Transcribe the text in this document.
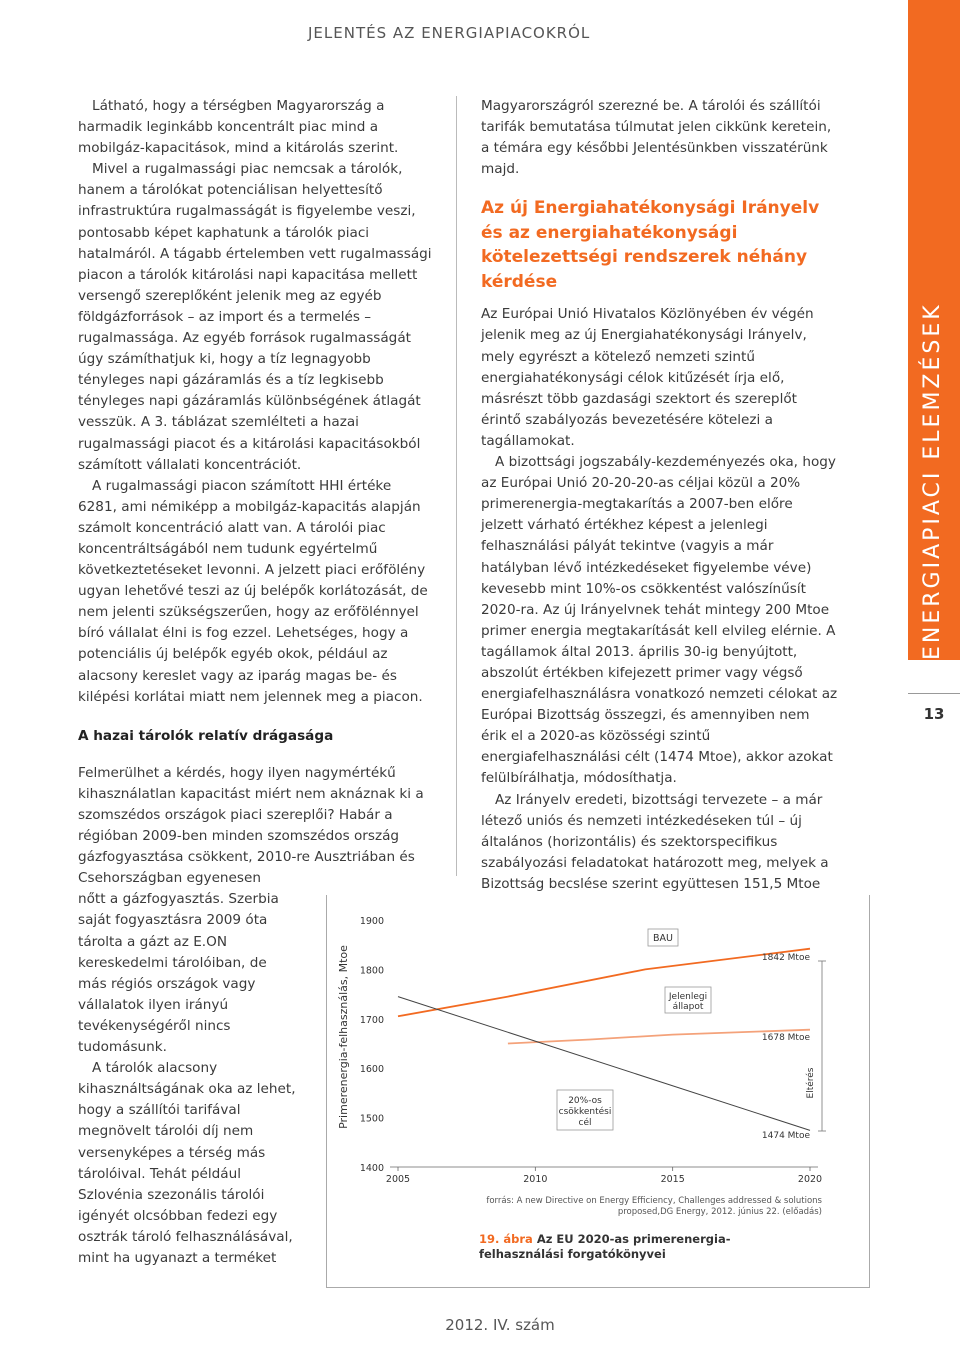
JELENTÉS AZ ENERGIAPIACOKRÓL
ENERGIAPIACI ELEMZÉSEK
13

Látható, hogy a térségben Magyarország a harmadik leginkább koncentrált piac mind a mobilgáz-kapacitások, mind a kitárolás szerint.

Mivel a rugalmassági piac nemcsak a tárolók, hanem a tárolókat potenciálisan helyettesítő infrastruktúra rugalmasságát is figyelembe veszi, pontosabb képet kaphatunk a tárolók piaci hatalmáról. A tágabb értelemben vett rugalmassági piacon a tárolók kitárolási napi kapacitása mellett versengő szereplőként jelenik meg az egyéb földgázforrások – az import és a termelés – rugalmassága. Az egyéb források rugalmasságát úgy számíthatjuk ki, hogy a tíz legnagyobb tényleges napi gázáramlás és a tíz legkisebb tényleges napi gázáramlás különbségének átlagát vesszük. A 3. táblázat szemlélteti a hazai rugalmassági piacot és a kitárolási kapacitásokból számított vállalati koncentrációt.

A rugalmassági piacon számított HHI értéke 6281, ami némiképp a mobilgáz-kapacitás alapján számolt koncentráció alatt van. A tárolói piac koncentráltságából nem tudunk egyértelmű következtetéseket levonni. A jelzett piaci erőfölény ugyan lehetővé teszi az új belépők korlátozását, de nem jelenti szükségszerűen, hogy az erőfölénnyel bíró vállalat élni is fog ezzel. Lehetséges, hogy a potenciális új belépők egyéb okok, például az alacsony kereslet vagy az iparág magas be- és kilépési korlátai miatt nem jelennek meg a piacon.

A hazai tárolók relatív drágasága

Felmerülhet a kérdés, hogy ilyen nagymértékű kihasználatlan kapacitást miért nem aknáznak ki a szomszédos országok piaci szereplői? Habár a régióban 2009-ben minden szomszédos ország gázfogyasztása csökkent, 2010-re Ausztriában és Csehországban egyenesen

nőtt a gázfogyasztás. Szerbia saját fogyasztásra 2009 óta tárolta a gázt az E.ON kereskedelmi tárolóiban, de más régiós országok vagy vállalatok ilyen irányú tevékenységéről nincs tudomásunk.

A tárolók alacsony kihasználtságának oka az lehet, hogy a szállítói tarifával megnövelt tárolói díj nem versenyképes a térség más tárolóival. Tehát például Szlovénia szezonális tárolói igényét olcsóbban fedezi egy osztrák tároló felhasználásával, mint ha ugyanazt a terméket

Magyarországról szerezné be. A tárolói és szállítói tarifák bemutatása túlmutat jelen cikkünk keretein, a témára egy későbbi Jelentésünkben visszatérünk majd.

Az új Energiahatékonysági Irányelv és az energiahatékonysági kötelezettségi rendszerek néhány kérdése

Az Európai Unió Hivatalos Közlönyében év végén jelenik meg az új Energiahatékonysági Irányelv, mely egyrészt a kötelező nemzeti szintű energiahatékonysági célok kitűzését írja elő, másrészt több gazdasági szektort és szereplőt érintő szabályozás bevezetésére kötelezi a tagállamokat.

A bizottsági jogszabály-kezdeményezés oka, hogy az Európai Unió 20-20-20-as céljai közül a 20% primerenergia-megtakarítás a 2007-ben előre jelzett várható értékhez képest a jelenlegi felhasználási pályát tekintve (vagyis a már hatályban lévő intézkedéseket figyelembe véve) kevesebb mint 10%-os csökkentést valószínűsít 2020-ra. Az új Irányelvnek tehát mintegy 200 Mtoe primer energia megtakarítását kell elvileg elérnie. A tagállamok által 2013. április 30-ig benyújtott, abszolút értékben kifejezett primer vagy végső energiafelhasználásra vonatkozó nemzeti célokat az Európai Bizottság összegzi, és amennyiben nem érik el a 2020-as közösségi szintű energiafelhasználási célt (1474 Mtoe), akkor azokat felülbírálhatja, módosíthatja.

Az Irányelv eredeti, bizottsági tervezete – a már létező uniós és nemzeti intézkedéseken túl – új általános (horizontális) és szektorspecifikus szabályozási feladatokat határozott meg, melyek a Bizottság becslése szerint együttesen 151,5 Mtoe

Primerenergia-felhasználás, Mtoe
1900
1800
1700
1600
1500
1400
2005	2010	2015	2020
BAU
Jelenlegi
állapot
20%-os
csökkentési
cél
1842 Mtoe
1678 Mtoe
1474 Mtoe
Eltérés
forrás: A new Directive on Energy Efficiency, Challenges addressed & solutions proposed,DG Energy, 2012. június 22. (előadás)
19. ábra Az EU 2020-as primerenergia-felhasználási forgatókönyvei
2012. IV. szám
